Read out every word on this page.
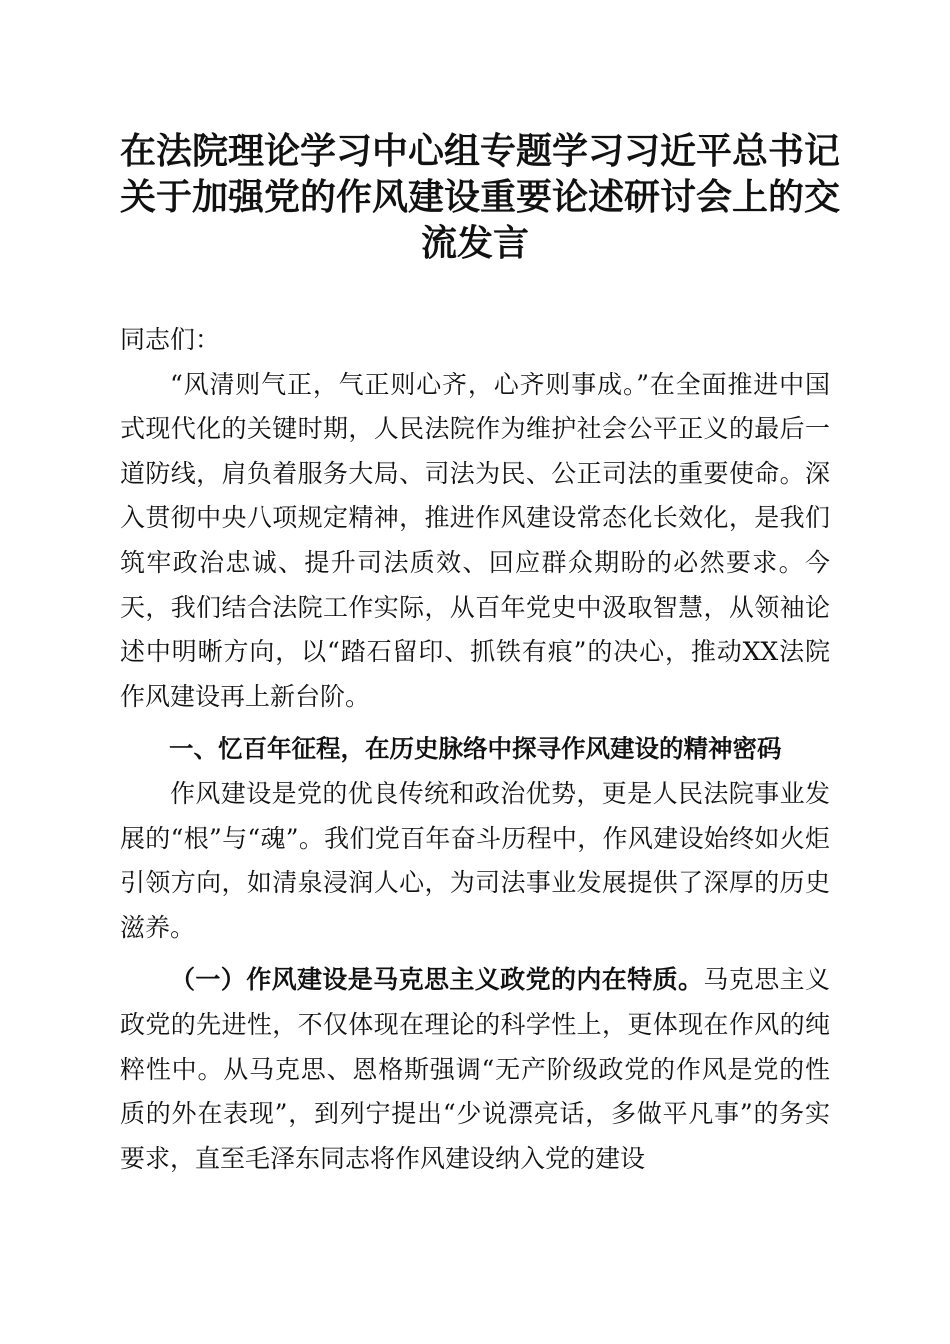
在法院理论学习中心组专题学习习近平总书记
关于加强党的作风建设重要论述研讨会上的交
流发言

同志们：

“风清则气正，气正则心齐，心齐则事成。”在全面推进中国式现代化的关键时期，人民法院作为维护社会公平正义的最后一道防线，肩负着服务大局、司法为民、公正司法的重要使命。深入贯彻中央八项规定精神，推进作风建设常态化长效化，是我们筑牢政治忠诚、提升司法质效、回应群众期盼的必然要求。今天，我们结合法院工作实际，从百年党史中汲取智慧，从领袖论述中明晰方向，以“踏石留印、抓铁有痕”的决心，推动XX法院作风建设再上新台阶。

一、忆百年征程，在历史脉络中探寻作风建设的精神密码

作风建设是党的优良传统和政治优势，更是人民法院事业发展的“根”与“魂”。我们党百年奋斗历程中，作风建设始终如火炬引领方向，如清泉浸润人心，为司法事业发展提供了深厚的历史滋养。

（一）作风建设是马克思主义政党的内在特质。马克思主义政党的先进性，不仅体现在理论的科学性上，更体现在作风的纯粹性中。从马克思、恩格斯强调“无产阶级政党的作风是党的性质的外在表现”，到列宁提出“少说漂亮话，多做平凡事”的务实要求，直至毛泽东同志将作风建设纳入党的建设
